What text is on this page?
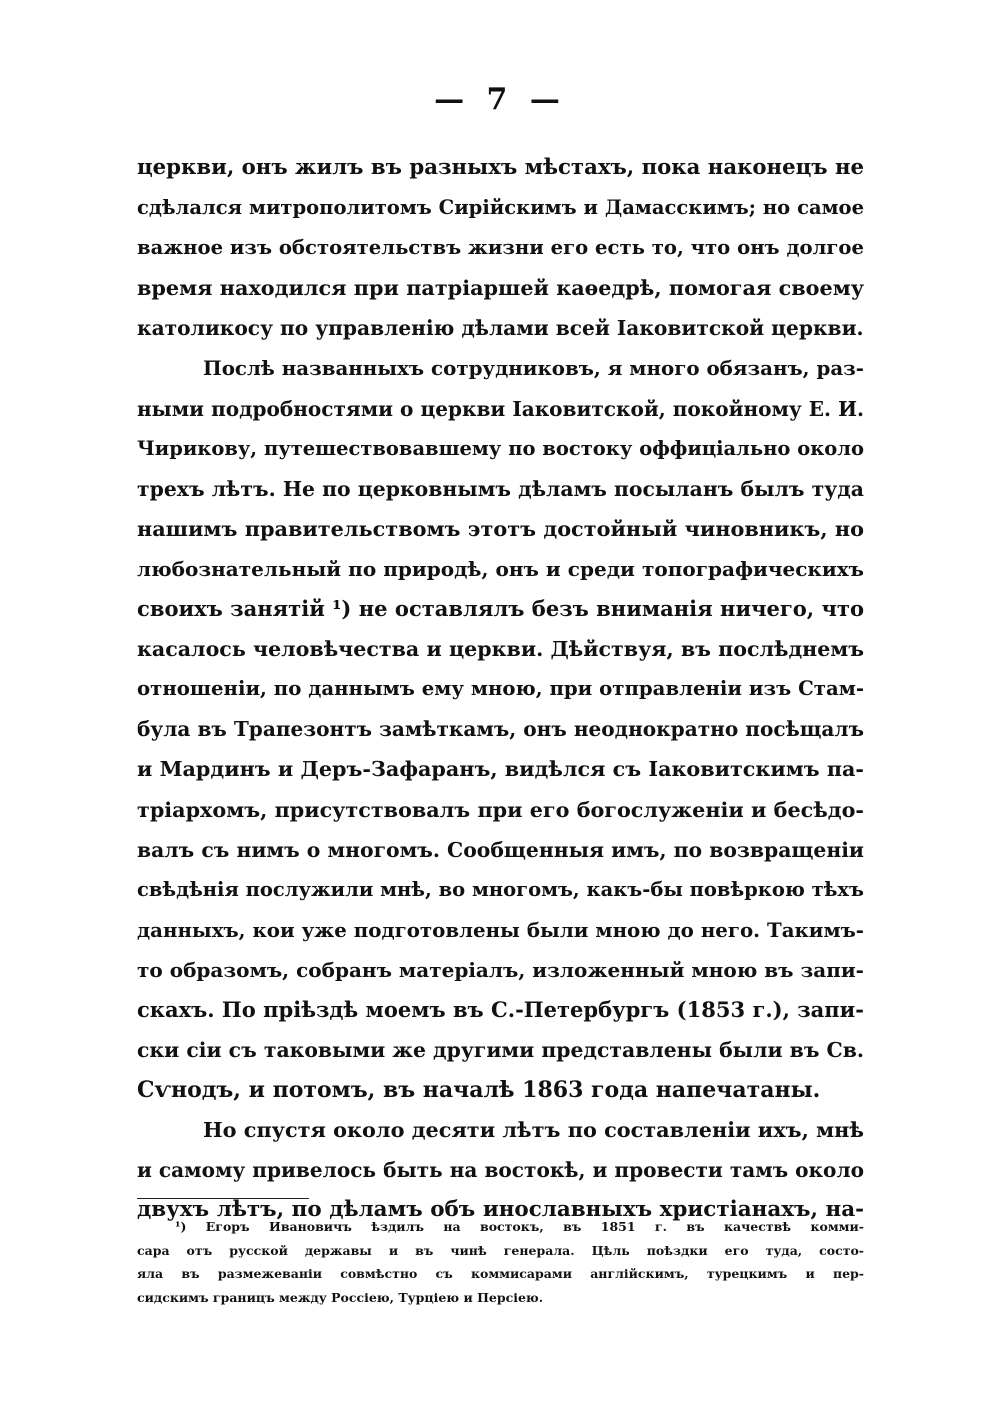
— 7 —
церкви, онъ жилъ въ разныхъ мѣстахъ, пока наконецъ не
сдѣлался митрополитомъ Сирійскимъ и Дамасскимъ; но самое
важное изъ обстоятельствъ жизни его есть то, что онъ долгое
время находился при патріаршей каѳедрѣ, помогая своему
католикосу по управленію дѣлами всей Іаковитской церкви.
Послѣ названныхъ сотрудниковъ, я много обязанъ, раз-
ными подробностями о церкви Іаковитской, покойному Е. И.
Чирикову, путешествовавшему по востоку оффиціально около
трехъ лѣтъ. Не по церковнымъ дѣламъ посыланъ былъ туда
нашимъ правительствомъ этотъ достойный чиновникъ, но
любознательный по природѣ, онъ и среди топографическихъ
своихъ занятій ¹) не оставлялъ безъ вниманія ничего, что
касалось человѣчества и церкви. Дѣйствуя, въ послѣднемъ
отношеніи, по даннымъ ему мною, при отправленіи изъ Стам-
була въ Трапезонтъ замѣткамъ, онъ неоднократно посѣщалъ
и Мардинъ и Деръ-Зафаранъ, видѣлся съ Іаковитскимъ па-
тріархомъ, присутствовалъ при его богослуженіи и бесѣдо-
валъ съ нимъ о многомъ. Сообщенныя имъ, по возвращеніи
свѣдѣнія послужили мнѣ, во многомъ, какъ-бы повѣркою тѣхъ
данныхъ, кои уже подготовлены были мною до него. Такимъ-
то образомъ, собранъ матеріалъ, изложенный мною въ запи-
скахъ. По пріѣздѣ моемъ въ С.-Петербургъ (1853 г.), запи-
ски сіи съ таковыми же другими представлены были въ Св.
Сѵнодъ, и потомъ, въ началѣ 1863 года напечатаны.
Но спустя около десяти лѣтъ по составленіи ихъ, мнѣ
и самому привелось быть на востокѣ, и провести тамъ около
двухъ лѣтъ, по дѣламъ объ инославныхъ христіанахъ, на-
¹) Егоръ Ивановичъ ѣздилъ на востокъ, въ 1851 г. въ качествѣ комми-
сара отъ русской державы и въ чинѣ генерала. Цѣль поѣздки его туда, состо-
яла въ размежеваніи совмѣстно съ коммисарами англійскимъ, турецкимъ и пер-
сидскимъ границъ между Россіею, Турціею и Персіею.
